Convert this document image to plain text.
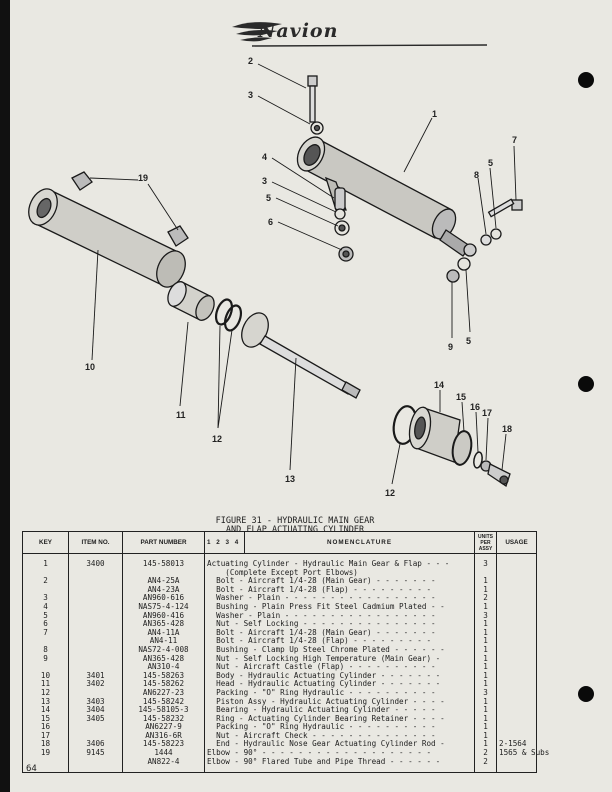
Navion
2
3
1
4
3
5
6
7
5
8
9
5
19
10
11
12
13
12
14
15
16
17
18
FIGURE 31 - HYDRAULIC MAIN GEAR
AND FLAP ACTUATING CYLINDER
KEY	ITEM NO.	PART NUMBER	1 2 3 4	NOMENCLATURE	UNITS PER ASSY	USAGE
1	3400	145-58013	Actuating Cylinder - Hydraulic Main Gear & Flap - - -		3	
			(Complete Except Port Elbows)			
2		AN4-25A	Bolt - Aircraft 1/4-28 (Main Gear) - - - - - - -		1	
		AN4-23A	Bolt - Aircraft 1/4-28 (Flap) - - - - - - - - -		1	
3		AN960-616	Washer - Plain - - - - - - - - - - - - - - - - -		2	
4		NAS75-4-124	Bushing - Plain Press Fit Steel Cadmium Plated - -		1	
5		AN960-416	Washer - Plain - - - - - - - - - - - - - - - - -		3	
6		AN365-428	Nut - Self Locking - - - - - - - - - - - - - - -		1	
7		AN4-11A	Bolt - Aircraft 1/4-28 (Main Gear) - - - - - - -		1	
		AN4-11	Bolt - Aircraft 1/4-28 (Flap) - - - - - - - - -		1	
8		NAS72-4-008	Bushing - Clamp Up Steel Chrome Plated - - - - - -		1	
9		AN365-428	Nut - Self Locking High Temperature (Main Gear) -		1	
		AN310-4	Nut - Aircraft Castle (Flap) - - - - - - - - - -		1	
10	3401	145-58263	Body - Hydraulic Actuating Cylinder - - - - - - -		1	
11	3402	145-58262	Head - Hydraulic Actuating Cylinder - - - - - - -		1	
12		AN6227-23	Packing - "O" Ring Hydraulic - - - - - - - - - -		3	
13	3403	145-58242	Piston Assy - Hydraulic Actuating Cylinder - - - -		1	
14	3404	145-58105-3	Bearing - Hydraulic Actuating Cylinder - - - - -		1	
15	3405	145-58232	Ring - Actuating Cylinder Bearing Retainer - - - -		1	
16		AN6227-9	Packing - "O" Ring Hydraulic - - - - - - - - - -		1	
17		AN316-6R	Nut - Aircraft Check - - - - - - - - - - - - - -		1	
18	3406	145-58223	End - Hydraulic Nose Gear Actuating Cylinder Rod -		1	2-1564
19	9145	1444	Elbow - 90° - - - - - - - - - - - - - - - - - - -		2	1565 & Subs
		AN822-4	Elbow - 90° Flared Tube and Pipe Thread - - - - - -		2	
64
